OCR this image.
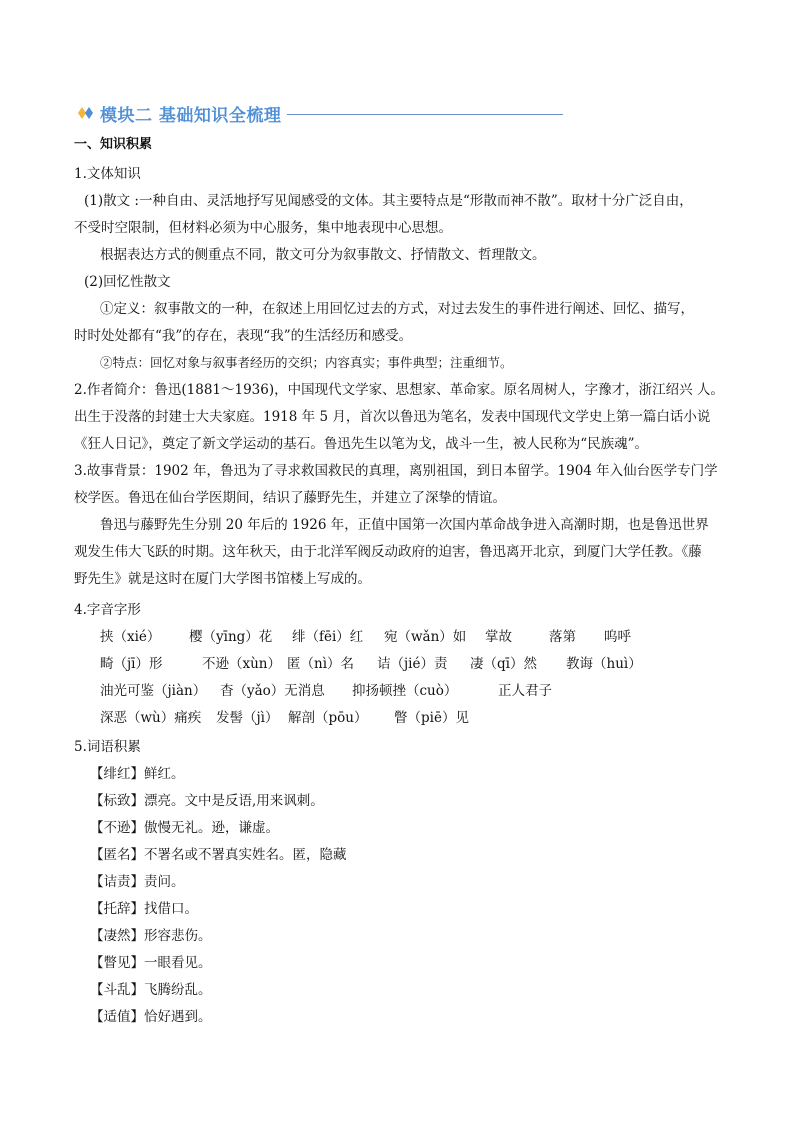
模块二 基础知识全梳理
一、知识积累
1.文体知识
(1)散文 :一种自由、灵活地抒写见闻感受的文体。其主要特点是“形散而神不散”。取材十分广泛自由，
不受时空限制，但材料必须为中心服务，集中地表现中心思想。
根据表达方式的侧重点不同，散文可分为叙事散文、抒情散文、哲理散文。
(2)回忆性散文
①定义：叙事散文的一种，在叙述上用回忆过去的方式，对过去发生的事件进行阐述、回忆、描写，
时时处处都有“我”的存在，表现“我”的生活经历和感受。
②特点：回忆对象与叙事者经历的交织；内容真实；事件典型；注重细节。
2.作者简介：鲁迅(1881～1936)，中国现代文学家、思想家、革命家。原名周树人，字豫才，浙江绍兴 人。
出生于没落的封建士大夫家庭。1918 年 5 月，首次以鲁迅为笔名，发表中国现代文学史上第一篇白话小说
《狂人日记》，奠定了新文学运动的基石。鲁迅先生以笔为戈，战斗一生，被人民称为“民族魂”。
3.故事背景：1902 年，鲁迅为了寻求救国救民的真理，离别祖国，到日本留学。1904 年入仙台医学专门学
校学医。鲁迅在仙台学医期间，结识了藤野先生，并建立了深挚的情谊。
鲁迅与藤野先生分别 20 年后的 1926 年，正值中国第一次国内革命战争进入高潮时期，也是鲁迅世界
观发生伟大飞跃的时期。这年秋天，由于北洋军阀反动政府的迫害，鲁迅离开北京，到厦门大学任教。《藤
野先生》就是这时在厦门大学图书馆楼上写成的。
4.字音字形
挟（xié） 樱（yīng）花 绯（fēi）红 宛（wǎn）如 掌故	落第 呜呼
畸（jī）形	不逊（xùn） 匿（nì）名 诘（jié）责 凄（qī）然 教诲（huì）
油光可鉴（jiàn） 杳（yǎo）无消息 抑扬顿挫（cuò）	正人君子
深恶（wù）痛疾 发髻（jì） 解剖（pōu） 瞥（piē）见
5.词语积累
【绯红】鲜红。
【标致】漂亮。文中是反语,用来讽刺。
【不逊】傲慢无礼。逊，谦虚。
【匿名】不署名或不署真实姓名。匿，隐藏
【诘责】责问。
【托辞】找借口。
【凄然】形容悲伤。
【瞥见】一眼看见。
【斗乱】飞腾纷乱。
【适值】恰好遇到。
